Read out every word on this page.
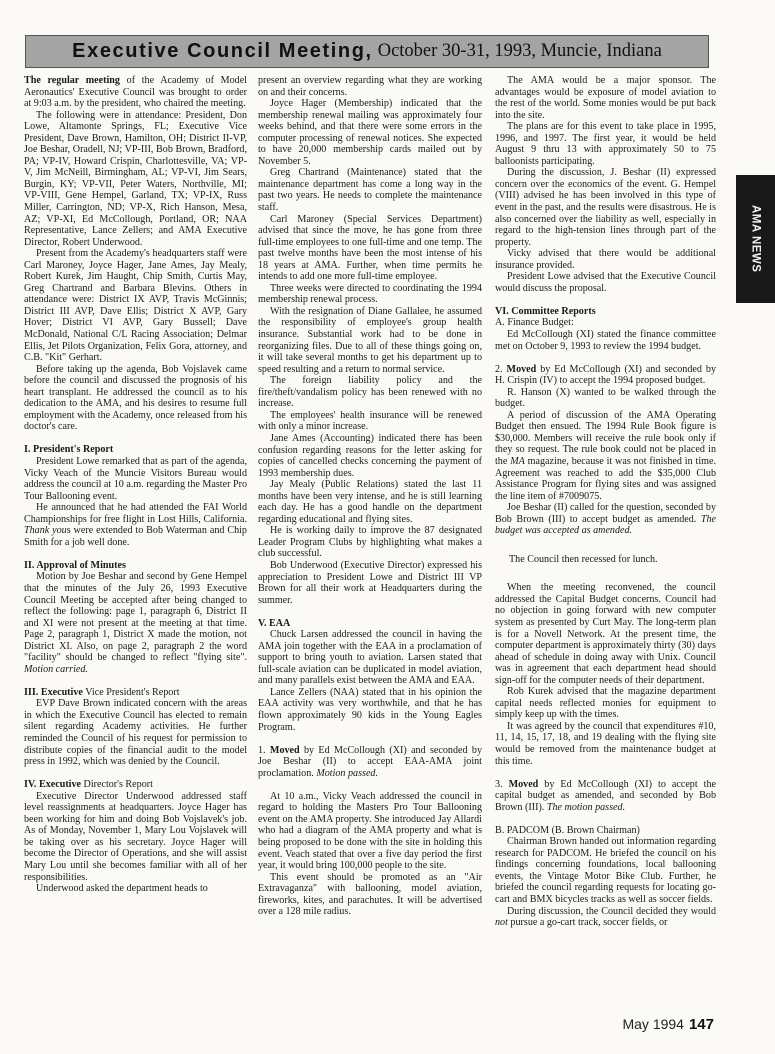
Executive Council Meeting, October 30-31, 1993, Muncie, Indiana
AMA NEWS

The regular meeting of the Academy of Model Aeronautics' Executive Council was brought to order at 9:03 a.m. by the president, who chaired the meeting.

The following were in attendance: President, Don Lowe, Altamonte Springs, FL; Executive Vice President, Dave Brown, Hamilton, OH; District II-VP, Joe Beshar, Oradell, NJ; VP-III, Bob Brown, Bradford, PA; VP-IV, Howard Crispin, Charlottesville, VA; VP-V, Jim McNeill, Birmingham, AL; VP-VI, Jim Sears, Burgin, KY; VP-VII, Peter Waters, Northville, MI; VP-VIII, Gene Hempel, Garland, TX; VP-IX, Russ Miller, Carrington, ND; VP-X, Rich Hanson, Mesa, AZ; VP-XI, Ed McCollough, Portland, OR; NAA Representative, Lance Zellers; and AMA Executive Director, Robert Underwood.

Present from the Academy's headquarters staff were Carl Maroney, Joyce Hager, Jane Ames, Jay Mealy, Robert Kurek, Jim Haught, Chip Smith, Curtis May, Greg Chartrand and Barbara Blevins. Others in attendance were: District IX AVP, Travis McGinnis; District III AVP, Dave Ellis; District X AVP, Gary Hover; District VI AVP, Gary Bussell; Dave McDonald, National C/L Racing Association; Delmar Ellis, Jet Pilots Organization, Felix Gora, attorney, and C.B. "Kit" Gerhart.

Before taking up the agenda, Bob Vojslavek came before the council and discussed the prognosis of his heart transplant. He addressed the council as to his dedication to the AMA, and his desires to resume full employment with the Academy, once released from his doctor's care.

I. President's Report

President Lowe remarked that as part of the agenda, Vicky Veach of the Muncie Visitors Bureau would address the council at 10 a.m. regarding the Master Pro Tour Ballooning event.

He announced that he had attended the FAI World Championships for free flight in Lost Hills, California. Thank yous were extended to Bob Waterman and Chip Smith for a job well done.

II. Approval of Minutes

Motion by Joe Beshar and second by Gene Hempel that the minutes of the July 26, 1993 Executive Council Meeting be accepted after being changed to reflect the following: page 1, paragraph 6, District II and XI were not present at the meeting at that time. Page 2, paragraph 1, District X made the motion, not District XI. Also, on page 2, paragraph 2 the word "facility" should be changed to reflect "flying site". Motion carried.

III. Executive Vice President's Report

EVP Dave Brown indicated concern with the areas in which the Executive Council has elected to remain silent regarding Academy activities. He further reminded the Council of his request for permission to distribute copies of the financial audit to the model press in 1992, which was denied by the Council.

IV. Executive Director's Report

Executive Director Underwood addressed staff level reassignments at headquarters. Joyce Hager has been working for him and doing Bob Vojslavek's job. As of Monday, November 1, Mary Lou Vojslavek will be taking over as his secretary. Joyce Hager will become the Director of Operations, and she will assist Mary Lou until she becomes familiar with all of her responsibilities.

Underwood asked the department heads to

present an overview regarding what they are working on and their concerns.

Joyce Hager (Membership) indicated that the membership renewal mailing was approximately four weeks behind, and that there were some errors in the computer processing of renewal notices. She expected to have 20,000 membership cards mailed out by November 5.

Greg Chartrand (Maintenance) stated that the maintenance department has come a long way in the past two years. He needs to complete the maintenance staff.

Carl Maroney (Special Services Department) advised that since the move, he has gone from three full-time employees to one full-time and one temp. The past twelve months have been the most intense of his 18 years at AMA. Further, when time permits he intends to add one more full-time employee.

Three weeks were directed to coordinating the 1994 membership renewal process.

With the resignation of Diane Gallalee, he assumed the responsibility of employee's group health insurance. Substantial work had to be done in reorganizing files. Due to all of these things going on, it will take several months to get his department up to speed resulting and a return to normal service.

The foreign liability policy and the fire/theft/vandalism policy has been renewed with no increase.

The employees' health insurance will be renewed with only a minor increase.

Jane Ames (Accounting) indicated there has been confusion regarding reasons for the letter asking for copies of cancelled checks concerning the payment of 1993 membership dues.

Jay Mealy (Public Relations) stated the last 11 months have been very intense, and he is still learning each day. He has a good handle on the department regarding educational and flying sites.

He is working daily to improve the 87 designated Leader Program Clubs by highlighting what makes a club successful.

Bob Underwood (Executive Director) expressed his appreciation to President Lowe and District III VP Brown for all their work at Headquarters during the summer.

V. EAA

Chuck Larsen addressed the council in having the AMA join together with the EAA in a proclamation of support to bring youth to aviation. Larsen stated that full-scale aviation can be duplicated in model aviation, and many parallels exist between the AMA and EAA.

Lance Zellers (NAA) stated that in his opinion the EAA activity was very worthwhile, and that he has flown approximately 90 kids in the Young Eagles Program.

1. Moved by Ed McCollough (XI) and seconded by Joe Beshar (II) to accept EAA-AMA joint proclamation. Motion passed.

At 10 a.m., Vicky Veach addressed the council in regard to holding the Masters Pro Tour Ballooning event on the AMA property. She introduced Jay Allardi who had a diagram of the AMA property and what is being proposed to be done with the site in holding this event. Veach stated that over a five day period the first year, it would bring 100,000 people to the site.

This event should be promoted as an "Air Extravaganza" with ballooning, model aviation, fireworks, kites, and parachutes. It will be advertised over a 128 mile radius.

The AMA would be a major sponsor. The advantages would be exposure of model aviation to the rest of the world. Some monies would be put back into the site.

The plans are for this event to take place in 1995, 1996, and 1997. The first year, it would be held August 9 thru 13 with approximately 50 to 75 balloonists participating.

During the discussion, J. Beshar (II) expressed concern over the economics of the event. G. Hempel (VIII) advised he has been involved in this type of event in the past, and the results were disastrous. He is also concerned over the liability as well, especially in regard to the high-tension lines through part of the property.

Vicky advised that there would be additional insurance provided.

President Lowe advised that the Executive Council would discuss the proposal.

VI. Committee Reports

A. Finance Budget:

Ed McCollough (XI) stated the finance committee met on October 9, 1993 to review the 1994 budget.

2. Moved by Ed McCollough (XI) and seconded by H. Crispin (IV) to accept the 1994 proposed budget.

R. Hanson (X) wanted to be walked through the budget.

A period of discussion of the AMA Operating Budget then ensued. The 1994 Rule Book figure is $30,000. Members will receive the rule book only if they so request. The rule book could not be placed in the MA magazine, because it was not finished in time. Agreement was reached to add the $35,000 Club Assistance Program for flying sites and was assigned the line item of #7009075.

Joe Beshar (II) called for the question, seconded by Bob Brown (III) to accept budget as amended. The budget was accepted as amended.

The Council then recessed for lunch.

When the meeting reconvened, the council addressed the Capital Budget concerns. Council had no objection in going forward with new computer system as presented by Curt May. The long-term plan is for a Novell Network. At the present time, the computer department is approximately thirty (30) days ahead of schedule in doing away with Unix. Council was in agreement that each department head should sign-off for the computer needs of their department.

Rob Kurek advised that the magazine department capital needs reflected monies for equipment to simply keep up with the times.

It was agreed by the council that expenditures #10, 11, 14, 15, 17, 18, and 19 dealing with the flying site would be removed from the maintenance budget at this time.

3. Moved by Ed McCollough (XI) to accept the capital budget as amended, and seconded by Bob Brown (III). The motion passed.

B. PADCOM (B. Brown Chairman)

Chairman Brown handed out information regarding research for PADCOM. He briefed the council on his findings concerning foundations, local ballooning events, the Vintage Motor Bike Club. Further, he briefed the council regarding requests for locating go-cart and BMX bicycles tracks as well as soccer fields.

During discussion, the Council decided they would not pursue a go-cart track, soccer fields, or

May 1994 147
